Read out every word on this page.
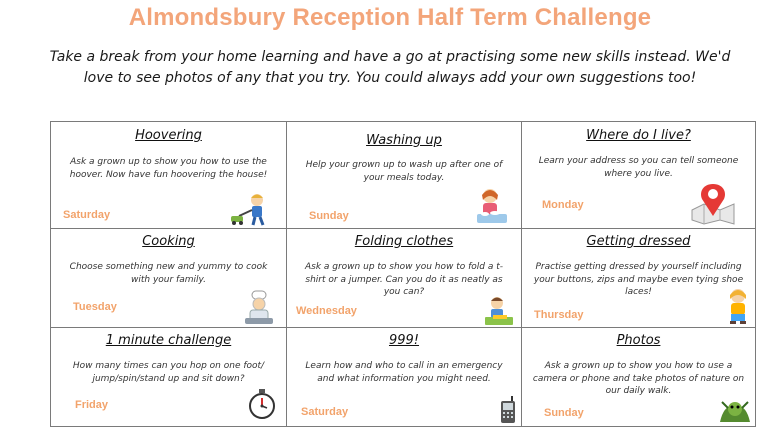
Almondsbury Reception Half Term Challenge
Take a break from your home learning and have a go at practising some new skills instead. We'd love to see photos of any that you try. You could always add your own suggestions too!
Hoovering
Ask a grown up to show you how to use the hoover. Now have fun hoovering the house!
Saturday
Washing up
Help your grown up to wash up after one of your meals today.
Sunday
Where do I live?
Learn your address so you can tell someone where you live.
Monday
Cooking
Choose something new and yummy to cook with your family.
Tuesday
Folding clothes
Ask a grown up to show you how to fold a t-shirt or a jumper. Can you do it as neatly as you can?
Wednesday
Getting dressed
Practise getting dressed by yourself including your buttons, zips and maybe even tying shoe laces!
Thursday
1 minute challenge
How many times can you hop on one foot/ jump/spin/stand up and sit down?
Friday
999!
Learn how and who to call in an emergency and what information you might need.
Saturday
Photos
Ask a grown up to show you how to use a camera or phone and take photos of nature on our daily walk.
Sunday
